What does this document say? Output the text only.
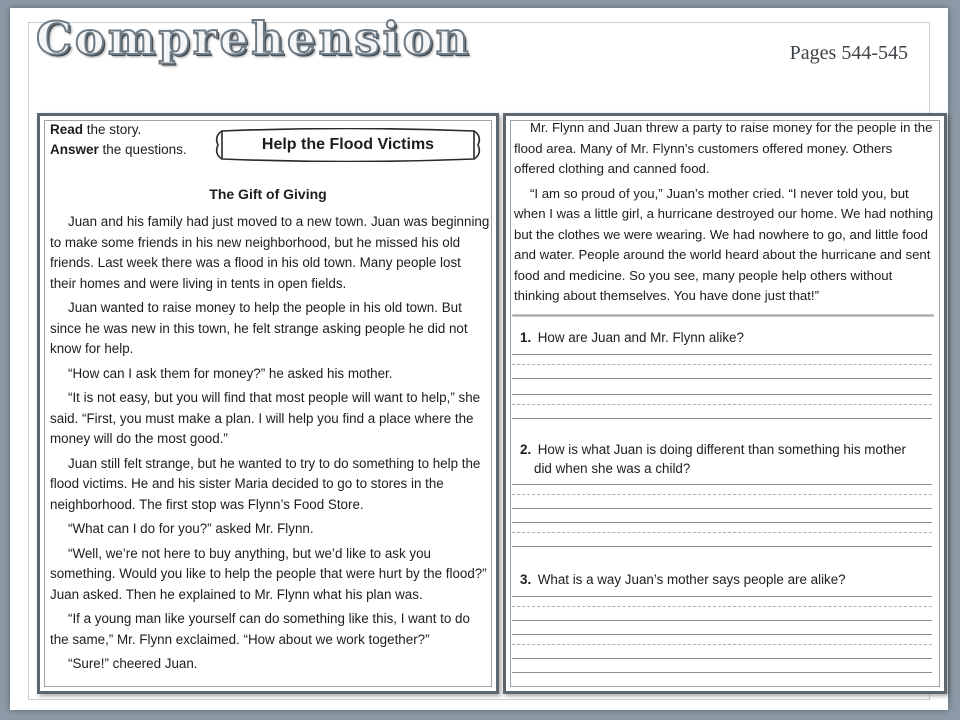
Comprehension	Pages 544-545
Read the story.
Answer the questions.	Help the Flood Victims
The Gift of Giving

Juan and his family had just moved to a new town. Juan was beginning to make some friends in his new neighborhood, but he missed his old friends. Last week there was a flood in his old town. Many people lost their homes and were living in tents in open fields.

Juan wanted to raise money to help the people in his old town. But since he was new in this town, he felt strange asking people he did not know for help.

“How can I ask them for money?” he asked his mother.

“It is not easy, but you will find that most people will want to help,” she said. “First, you must make a plan. I will help you find a place where the money will do the most good.”

Juan still felt strange, but he wanted to try to do something to help the flood victims. He and his sister Maria decided to go to stores in the neighborhood. The first stop was Flynn’s Food Store.

“What can I do for you?” asked Mr. Flynn.

“Well, we’re not here to buy anything, but we’d like to ask you something. Would you like to help the people that were hurt by the flood?” Juan asked. Then he explained to Mr. Flynn what his plan was.

“If a young man like yourself can do something like this, I want to do the same,” Mr. Flynn exclaimed. “How about we work together?”

“Sure!” cheered Juan.

Mr. Flynn and Juan threw a party to raise money for the people in the flood area. Many of Mr. Flynn’s customers offered money. Others offered clothing and canned food.

“I am so proud of you,” Juan’s mother cried. “I never told you, but when I was a little girl, a hurricane destroyed our home. We had nothing but the clothes we were wearing. We had nowhere to go, and little food and water. People around the world heard about the hurricane and sent food and medicine. So you see, many people help others without thinking about themselves. You have done just that!”

1. How are Juan and Mr. Flynn alike?
2. How is what Juan is doing different than something his mother
did when she was a child?
3. What is a way Juan’s mother says people are alike?
